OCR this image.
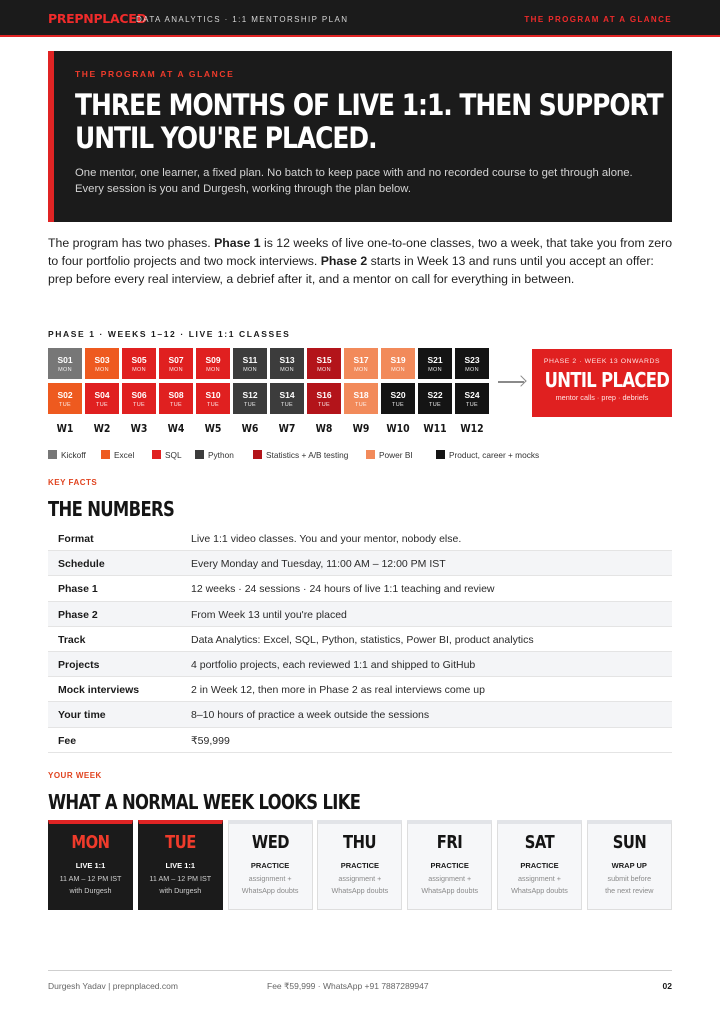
PREPNPLACED
DATA ANALYTICS · 1:1 MENTORSHIP PLAN	THE PROGRAM AT A GLANCE
THE PROGRAM AT A GLANCE
THREE MONTHS OF LIVE 1:1. THEN SUPPORT UNTIL YOU'RE PLACED.

One mentor, one learner, a fixed plan. No batch to keep pace with and no recorded course to get through alone. Every session is you and Durgesh, working through the plan below.

The program has two phases. Phase 1 is 12 weeks of live one-to-one classes, two a week, that take you from zero to four portfolio projects and two mock interviews. Phase 2 starts in Week 13 and runs until you accept an offer: prep before every real interview, a debrief after it, and a mentor on call for everything in between.

PHASE 1 · WEEKS 1–12 · LIVE 1:1 CLASSES
S01
MON
S02
TUE
W1
S03
MON
S04
TUE
W2
S05
MON
S06
TUE
W3
S07
MON
S08
TUE
W4
S09
MON
S10
TUE
W5
S11
MON
S12
TUE
W6
S13
MON
S14
TUE
W7
S15
MON
S16
TUE
W8
S17
MON
S18
TUE
W9
S19
MON
S20
TUE
W10
S21
MON
S22
TUE
W11
S23
MON
S24
TUE
W12
PHASE 2 · WEEK 13 ONWARDS
UNTIL PLACED
mentor calls · prep · debriefs
Kickoff	Excel	SQL	Python	Statistics + A/B testing	Power BI	Product, career + mocks
KEY FACTS
THE NUMBERS
Format	Live 1:1 video classes. You and your mentor, nobody else.
Schedule	Every Monday and Tuesday, 11:00 AM – 12:00 PM IST
Phase 1	12 weeks · 24 sessions · 24 hours of live 1:1 teaching and review
Phase 2	From Week 13 until you're placed
Track	Data Analytics: Excel, SQL, Python, statistics, Power BI, product analytics
Projects	4 portfolio projects, each reviewed 1:1 and shipped to GitHub
Mock interviews	2 in Week 12, then more in Phase 2 as real interviews come up
Your time	8–10 hours of practice a week outside the sessions
Fee	₹59,999
YOUR WEEK
WHAT A NORMAL WEEK LOOKS LIKE
MON
LIVE 1:1
11 AM – 12 PM IST
with Durgesh
TUE
LIVE 1:1
11 AM – 12 PM IST
with Durgesh
WED
PRACTICE
assignment +
WhatsApp doubts
THU
PRACTICE
assignment +
WhatsApp doubts
FRI
PRACTICE
assignment +
WhatsApp doubts
SAT
PRACTICE
assignment +
WhatsApp doubts
SUN
WRAP UP
submit before
the next review
Durgesh Yadav | prepnplaced.com	Fee ₹59,999 · WhatsApp +91 7887289947	02
